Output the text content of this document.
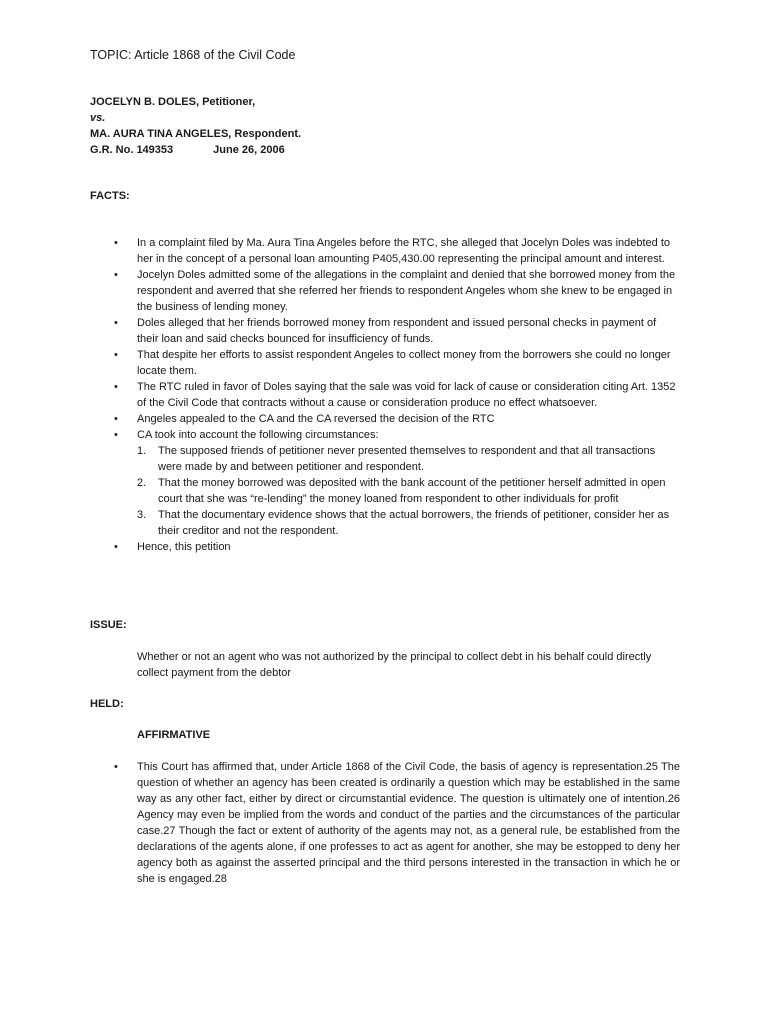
TOPIC: Article 1868 of the Civil Code
JOCELYN B. DOLES, Petitioner,
vs.
MA. AURA TINA ANGELES, Respondent.
G.R. No. 149353	June 26, 2006
FACTS:
• In a complaint filed by Ma. Aura Tina Angeles before the RTC, she alleged that Jocelyn Doles was indebted to her in the concept of a personal loan amounting P405,430.00 representing the principal amount and interest.
• Jocelyn Doles admitted some of the allegations in the complaint and denied that she borrowed money from the respondent and averred that she referred her friends to respondent Angeles whom she knew to be engaged in the business of lending money.
• Doles alleged that her friends borrowed money from respondent and issued personal checks in payment of their loan and said checks bounced for insufficiency of funds.
• That despite her efforts to assist respondent Angeles to collect money from the borrowers she could no longer locate them.
• The RTC ruled in favor of Doles saying that the sale was void for lack of cause or consideration citing Art. 1352 of the Civil Code that contracts without a cause or consideration produce no effect whatsoever.
• Angeles appealed to the CA and the CA reversed the decision of the RTC
• CA took into account the following circumstances:
The supposed friends of petitioner never presented themselves to respondent and that all transactions were made by and between petitioner and respondent.
That the money borrowed was deposited with the bank account of the petitioner herself admitted in open court that she was “re-lending” the money loaned from respondent to other individuals for profit
That the documentary evidence shows that the actual borrowers, the friends of petitioner, consider her as their creditor and not the respondent.
• Hence, this petition
ISSUE:
Whether or not an agent who was not authorized by the principal to collect debt in his behalf could directly collect payment from the debtor
HELD:
AFFIRMATIVE
• This Court has affirmed that, under Article 1868 of the Civil Code, the basis of agency is representation.25 The question of whether an agency has been created is ordinarily a question which may be established in the same way as any other fact, either by direct or circumstantial evidence. The question is ultimately one of intention.26 Agency may even be implied from the words and conduct of the parties and the circumstances of the particular case.27 Though the fact or extent of authority of the agents may not, as a general rule, be established from the declarations of the agents alone, if one professes to act as agent for another, she may be estopped to deny her agency both as against the asserted principal and the third persons interested in the transaction in which he or she is engaged.28
